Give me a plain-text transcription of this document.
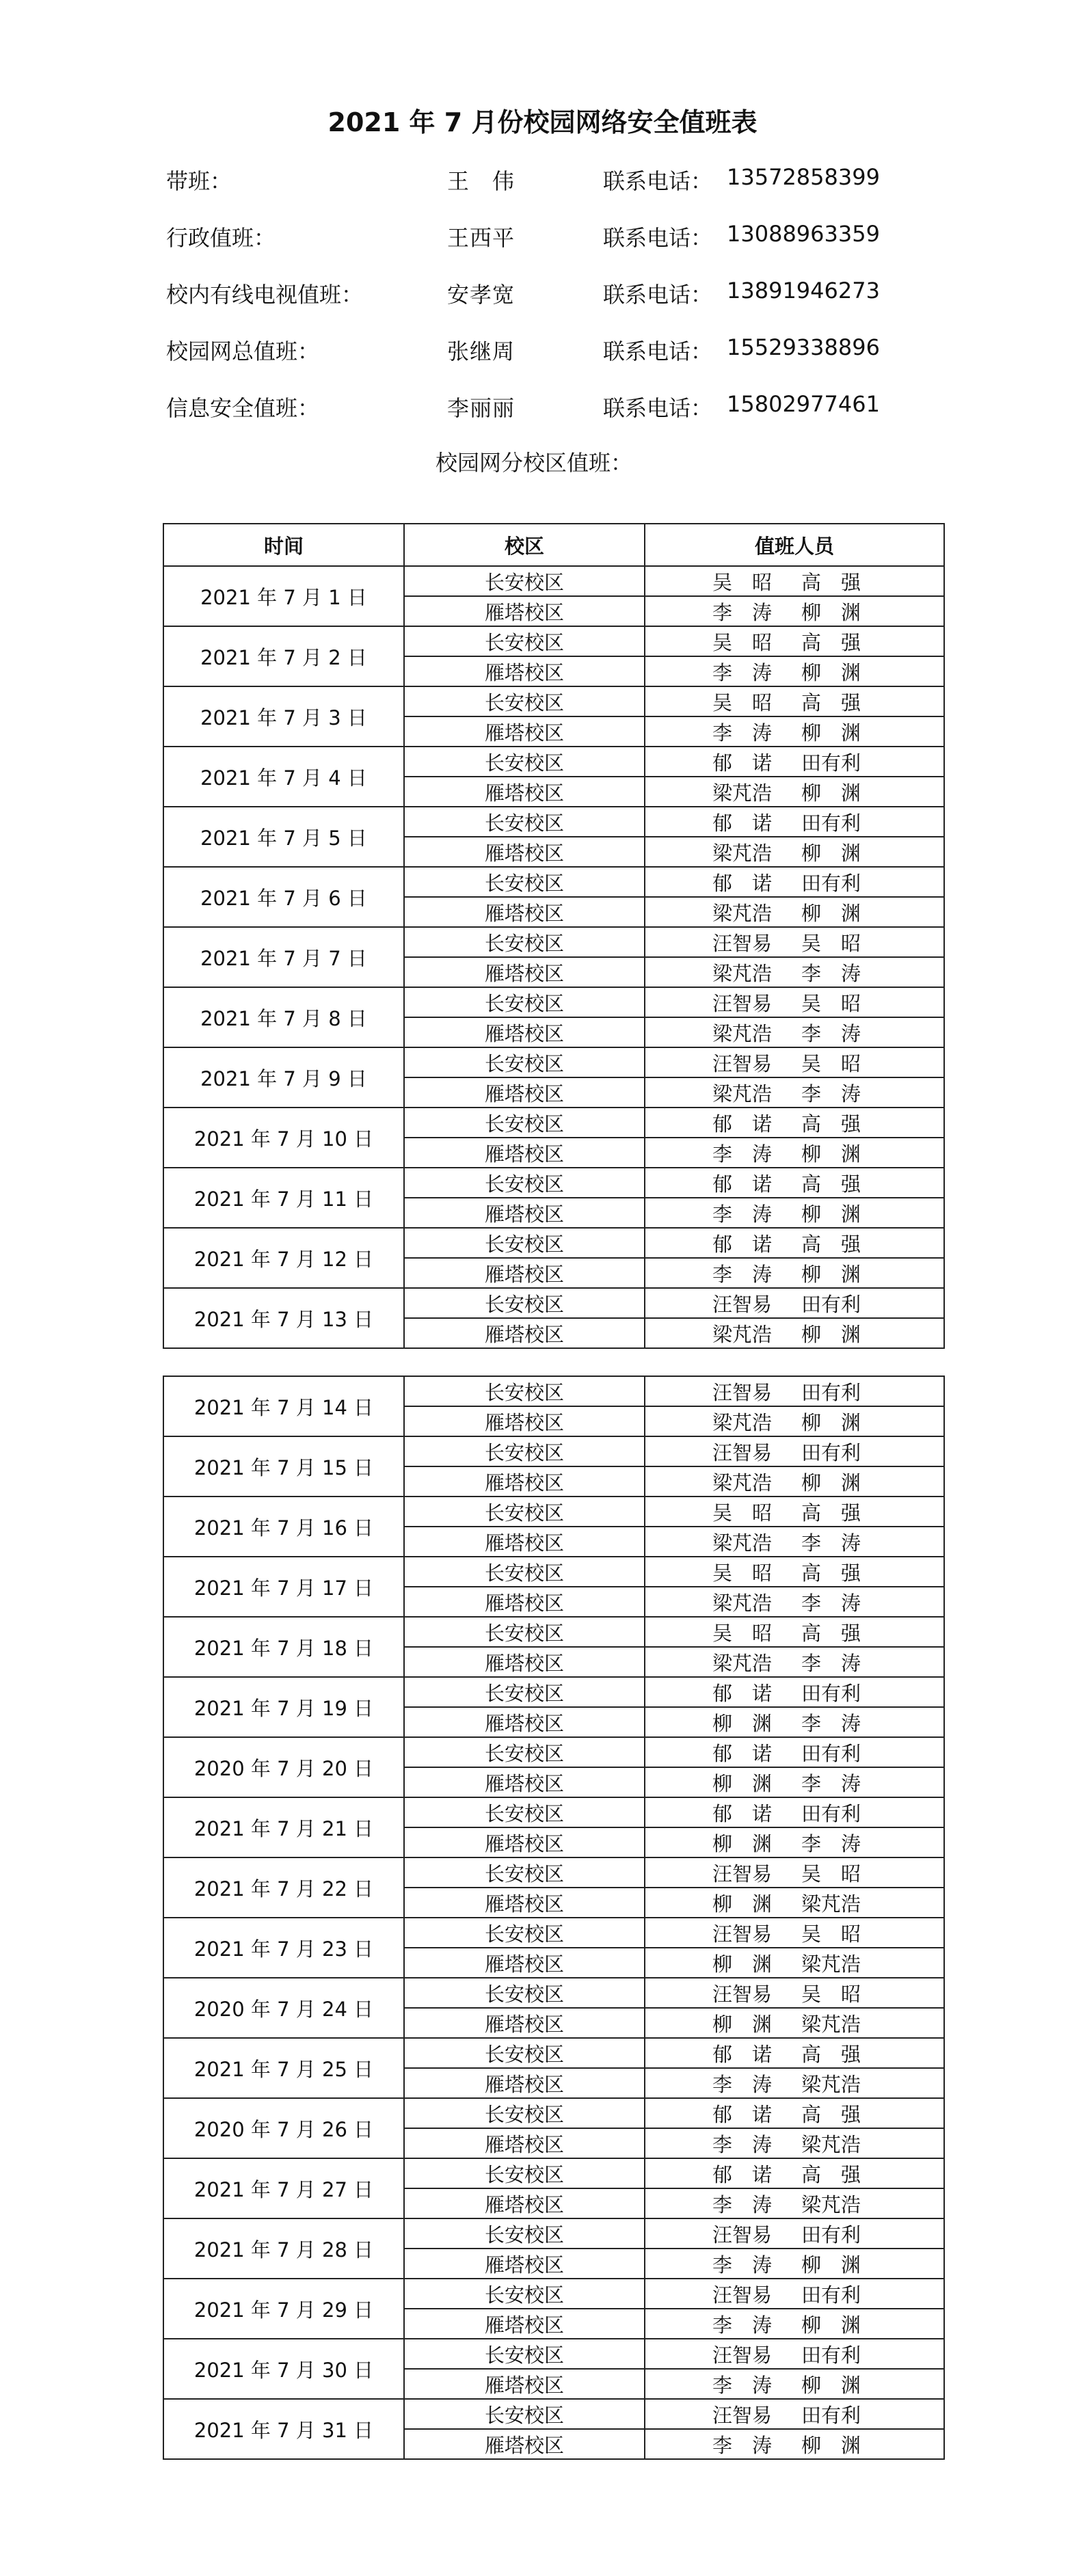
2021 年 7 月份校园网络安全值班表
带班：	王　伟	联系电话： 13572858399
行政值班：	王西平	联系电话： 13088963359
校内有线电视值班：	安孝宽	联系电话： 13891946273
校园网总值班：	张继周	联系电话： 15529338896
信息安全值班：	李丽丽	联系电话： 15802977461
校园网分校区值班：
时间	校区	值班人员
2021 年 7 月 1 日	长安校区	吴　昭 高　强
	雁塔校区	李　涛 柳　渊
2021 年 7 月 2 日	长安校区	吴　昭 高　强
	雁塔校区	李　涛 柳　渊
2021 年 7 月 3 日	长安校区	吴　昭 高　强
	雁塔校区	李　涛 柳　渊
2021 年 7 月 4 日	长安校区	郁　诺 田有利
	雁塔校区	梁芃浩 柳　渊
2021 年 7 月 5 日	长安校区	郁　诺 田有利
	雁塔校区	梁芃浩 柳　渊
2021 年 7 月 6 日	长安校区	郁　诺 田有利
	雁塔校区	梁芃浩 柳　渊
2021 年 7 月 7 日	长安校区	汪智易 吴　昭
	雁塔校区	梁芃浩 李　涛
2021 年 7 月 8 日	长安校区	汪智易 吴　昭
	雁塔校区	梁芃浩 李　涛
2021 年 7 月 9 日	长安校区	汪智易 吴　昭
	雁塔校区	梁芃浩 李　涛
2021 年 7 月 10 日	长安校区	郁　诺 高　强
	雁塔校区	李　涛 柳　渊
2021 年 7 月 11 日	长安校区	郁　诺 高　强
	雁塔校区	李　涛 柳　渊
2021 年 7 月 12 日	长安校区	郁　诺 高　强
	雁塔校区	李　涛 柳　渊
2021 年 7 月 13 日	长安校区	汪智易 田有利
	雁塔校区	梁芃浩 柳　渊
2021 年 7 月 14 日	长安校区	汪智易 田有利
	雁塔校区	梁芃浩 柳　渊
2021 年 7 月 15 日	长安校区	汪智易 田有利
	雁塔校区	梁芃浩 柳　渊
2021 年 7 月 16 日	长安校区	吴　昭 高　强
	雁塔校区	梁芃浩 李　涛
2021 年 7 月 17 日	长安校区	吴　昭 高　强
	雁塔校区	梁芃浩 李　涛
2021 年 7 月 18 日	长安校区	吴　昭 高　强
	雁塔校区	梁芃浩 李　涛
2021 年 7 月 19 日	长安校区	郁　诺 田有利
	雁塔校区	柳　渊 李　涛
2020 年 7 月 20 日	长安校区	郁　诺 田有利
	雁塔校区	柳　渊 李　涛
2021 年 7 月 21 日	长安校区	郁　诺 田有利
	雁塔校区	柳　渊 李　涛
2021 年 7 月 22 日	长安校区	汪智易 吴　昭
	雁塔校区	柳　渊 梁芃浩
2021 年 7 月 23 日	长安校区	汪智易 吴　昭
	雁塔校区	柳　渊 梁芃浩
2020 年 7 月 24 日	长安校区	汪智易 吴　昭
	雁塔校区	柳　渊 梁芃浩
2021 年 7 月 25 日	长安校区	郁　诺 高　强
	雁塔校区	李　涛 梁芃浩
2020 年 7 月 26 日	长安校区	郁　诺 高　强
	雁塔校区	李　涛 梁芃浩
2021 年 7 月 27 日	长安校区	郁　诺 高　强
	雁塔校区	李　涛 梁芃浩
2021 年 7 月 28 日	长安校区	汪智易 田有利
	雁塔校区	李　涛 柳　渊
2021 年 7 月 29 日	长安校区	汪智易 田有利
	雁塔校区	李　涛 柳　渊
2021 年 7 月 30 日	长安校区	汪智易 田有利
	雁塔校区	李　涛 柳　渊
2021 年 7 月 31 日	长安校区	汪智易 田有利
	雁塔校区	李　涛 柳　渊
